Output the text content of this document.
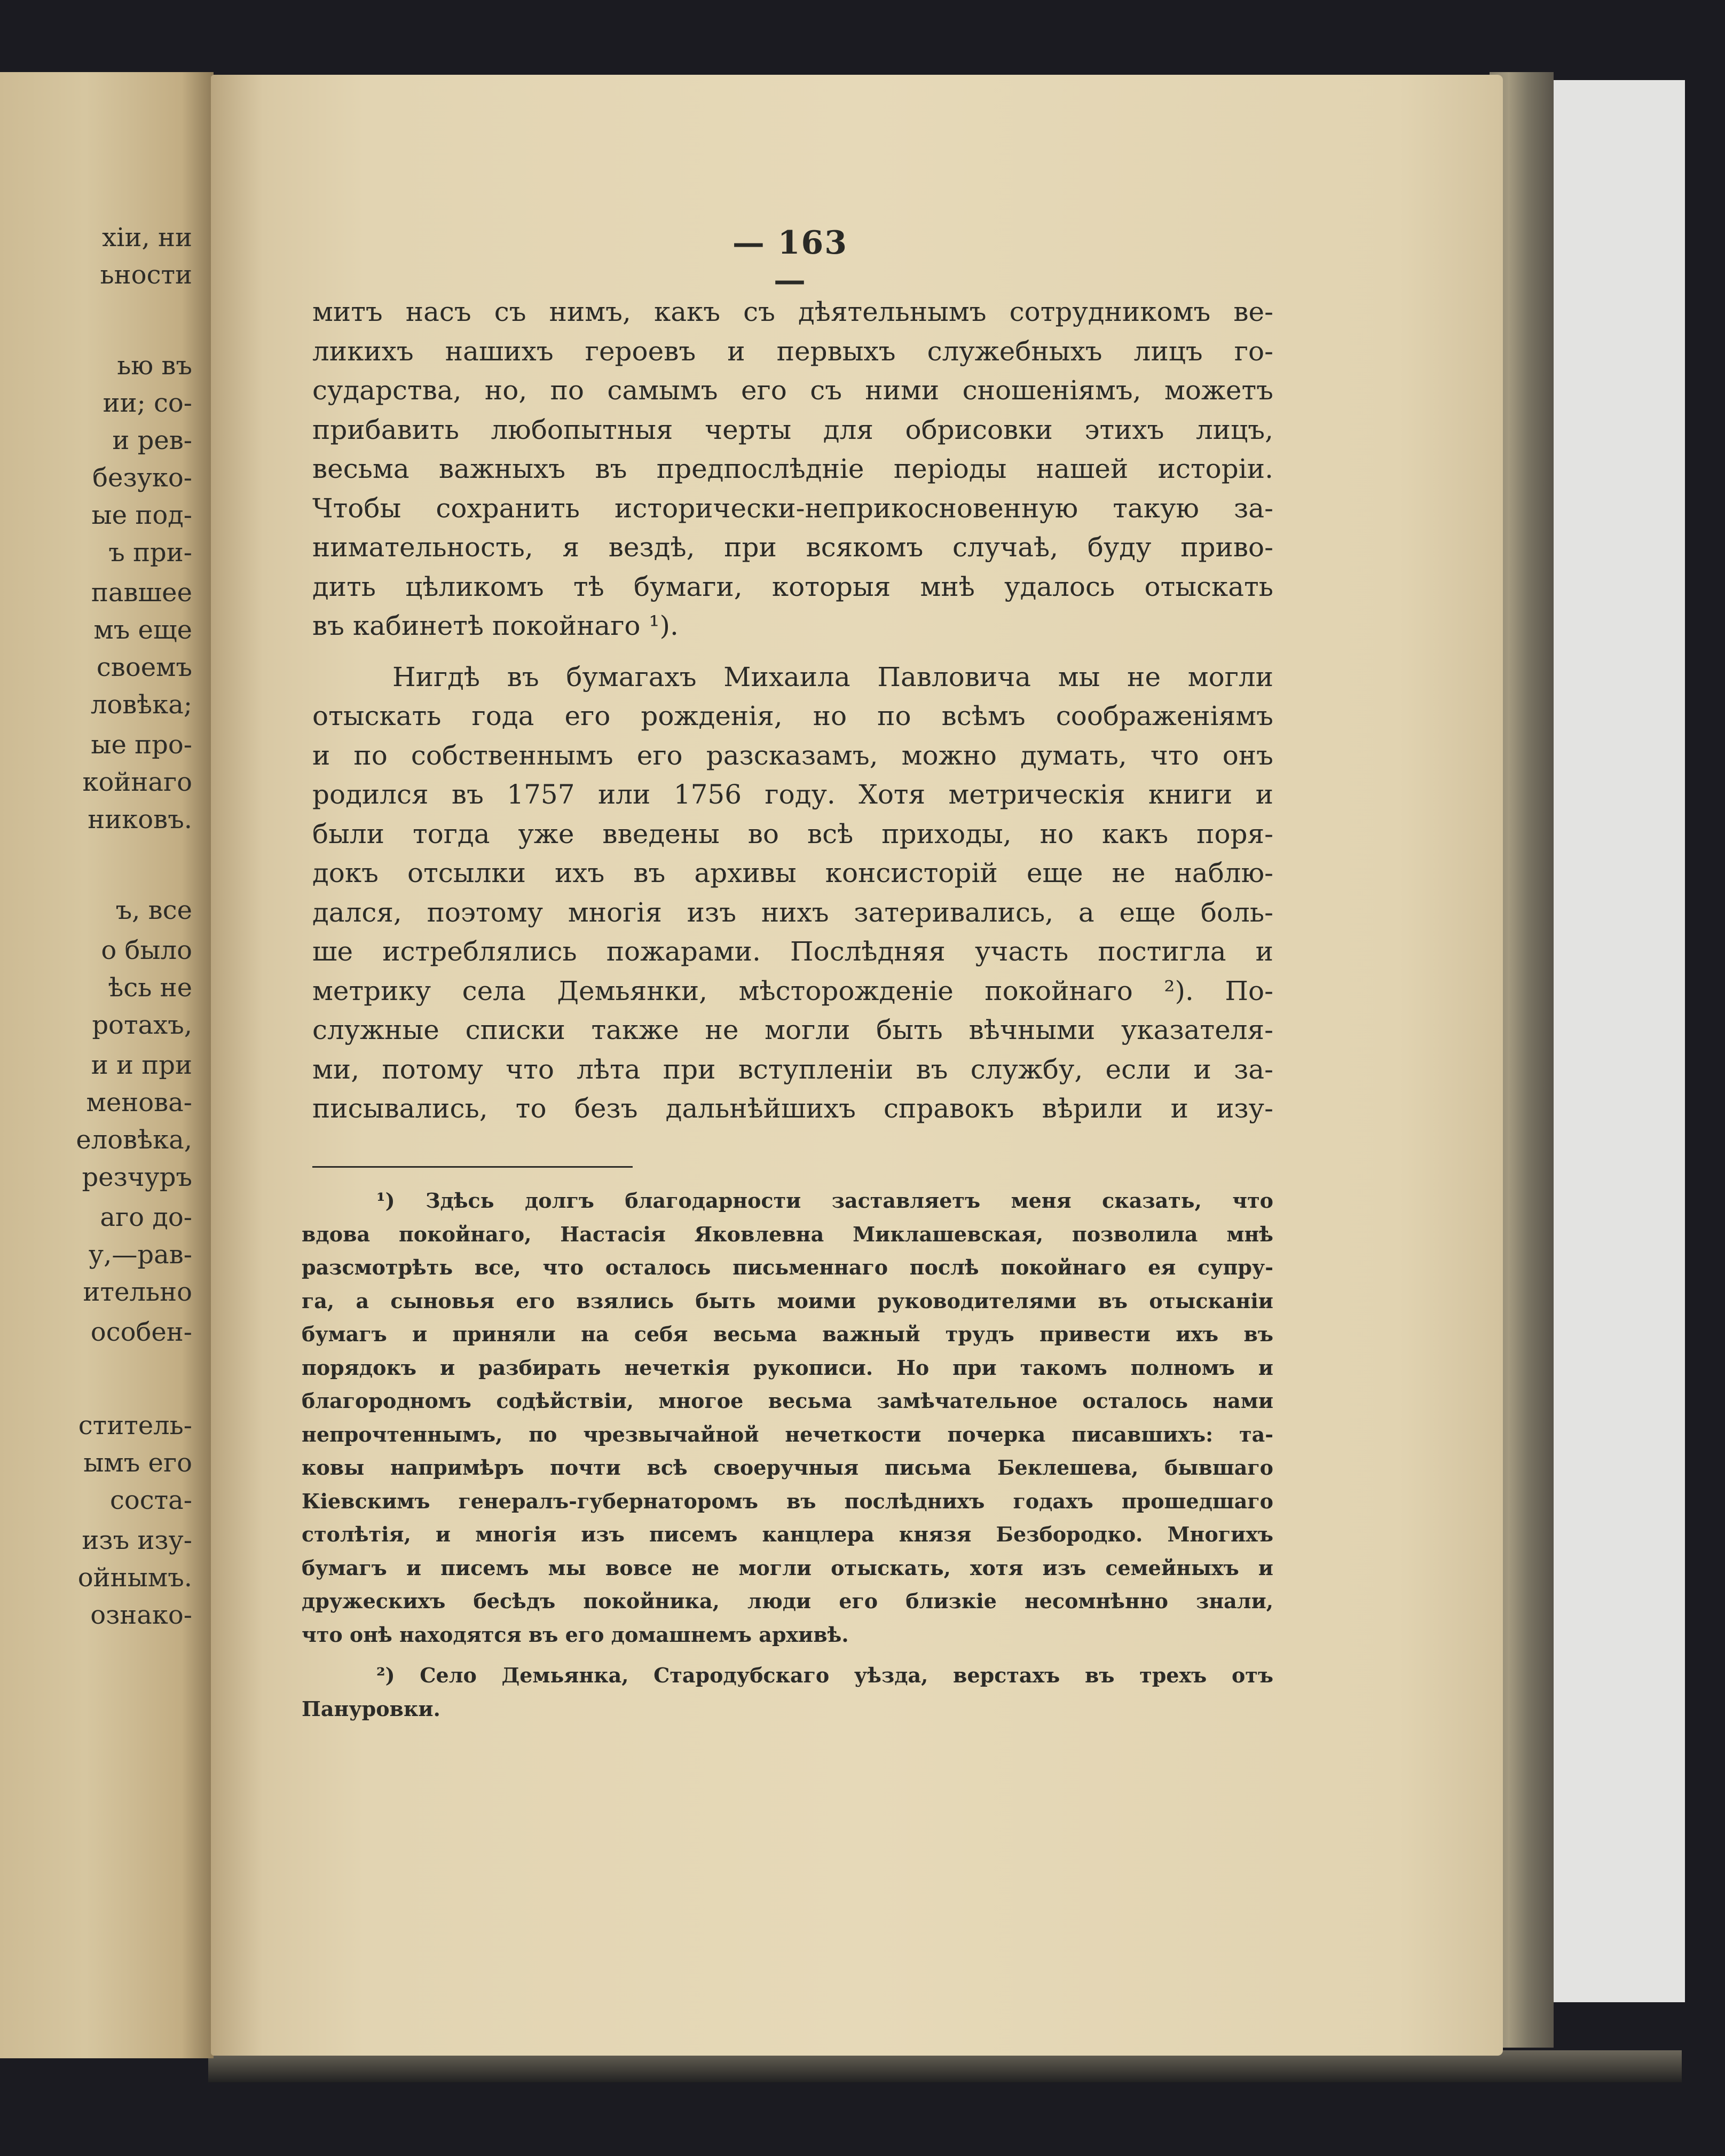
хіи, ни
ьности
ью въ
ии; со-
и рев-
безуко-
ые под-
ъ при-
павшее
мъ еще
своемъ
ловѣка;
ые про-
койнаго
никовъ.
ъ, все
о было
ѣсь не
ротахъ,
и и при
менова-
еловѣка,
резчуръ
аго до-
у,—рав-
ительно
особен-
ститель-
ымъ его
соста-
изъ изу-
ойнымъ.
ознако-
— 163 —
митъ насъ съ нимъ, какъ съ дѣятельнымъ сотрудникомъ ве-
ликихъ нашихъ героевъ и первыхъ служебныхъ лицъ го-
сударства, но, по самымъ его съ ними сношеніямъ, можетъ
прибавить любопытныя черты для обрисовки этихъ лицъ,
весьма важныхъ въ предпослѣдніе періоды нашей исторіи.
Чтобы сохранить исторически-неприкосновенную такую за-
нимательность, я вездѣ, при всякомъ случаѣ, буду приво-
дить цѣликомъ тѣ бумаги, которыя мнѣ удалось отыскать
въ кабинетѣ покойнаго ¹).
Нигдѣ въ бумагахъ Михаила Павловича мы не могли
отыскать года его рожденія, но по всѣмъ соображеніямъ
и по собственнымъ его разсказамъ, можно думать, что онъ
родился въ 1757 или 1756 году. Хотя метрическія книги и
были тогда уже введены во всѣ приходы, но какъ поря-
докъ отсылки ихъ въ архивы консисторій еще не наблю-
дался, поэтому многія изъ нихъ затеривались, а еще боль-
ше истреблялись пожарами. Послѣдняя участь постигла и
метрику села Демьянки, мѣсторожденіе покойнаго ²). По-
служные списки также не могли быть вѣчными указателя-
ми, потому что лѣта при вступленіи въ службу, если и за-
писывались, то безъ дальнѣйшихъ справокъ вѣрили и изу-
¹) Здѣсь долгъ благодарности заставляетъ меня сказать, что
вдова покойнаго, Настасія Яковлевна Миклашевская, позволила мнѣ
разсмотрѣть все, что осталось письменнаго послѣ покойнаго ея супру-
га, а сыновья его взялись быть моими руководителями въ отысканіи
бумагъ и приняли на себя весьма важный трудъ привести ихъ въ
порядокъ и разбирать нечеткія рукописи. Но при такомъ полномъ и
благородномъ содѣйствіи, многое весьма замѣчательное осталось нами
непрочтеннымъ, по чрезвычайной нечеткости почерка писавшихъ: та-
ковы напримѣръ почти всѣ своеручныя письма Беклешева, бывшаго
Кіевскимъ генералъ-губернаторомъ въ послѣднихъ годахъ прошедшаго
столѣтія, и многія изъ писемъ канцлера князя Безбородко. Многихъ
бумагъ и писемъ мы вовсе не могли отыскать, хотя изъ семейныхъ и
дружескихъ бесѣдъ покойника, люди его близкіе несомнѣнно знали,
что онѣ находятся въ его домашнемъ архивѣ.
²) Село Демьянка, Стародубскаго уѣзда, верстахъ въ трехъ отъ
Пануровки.
